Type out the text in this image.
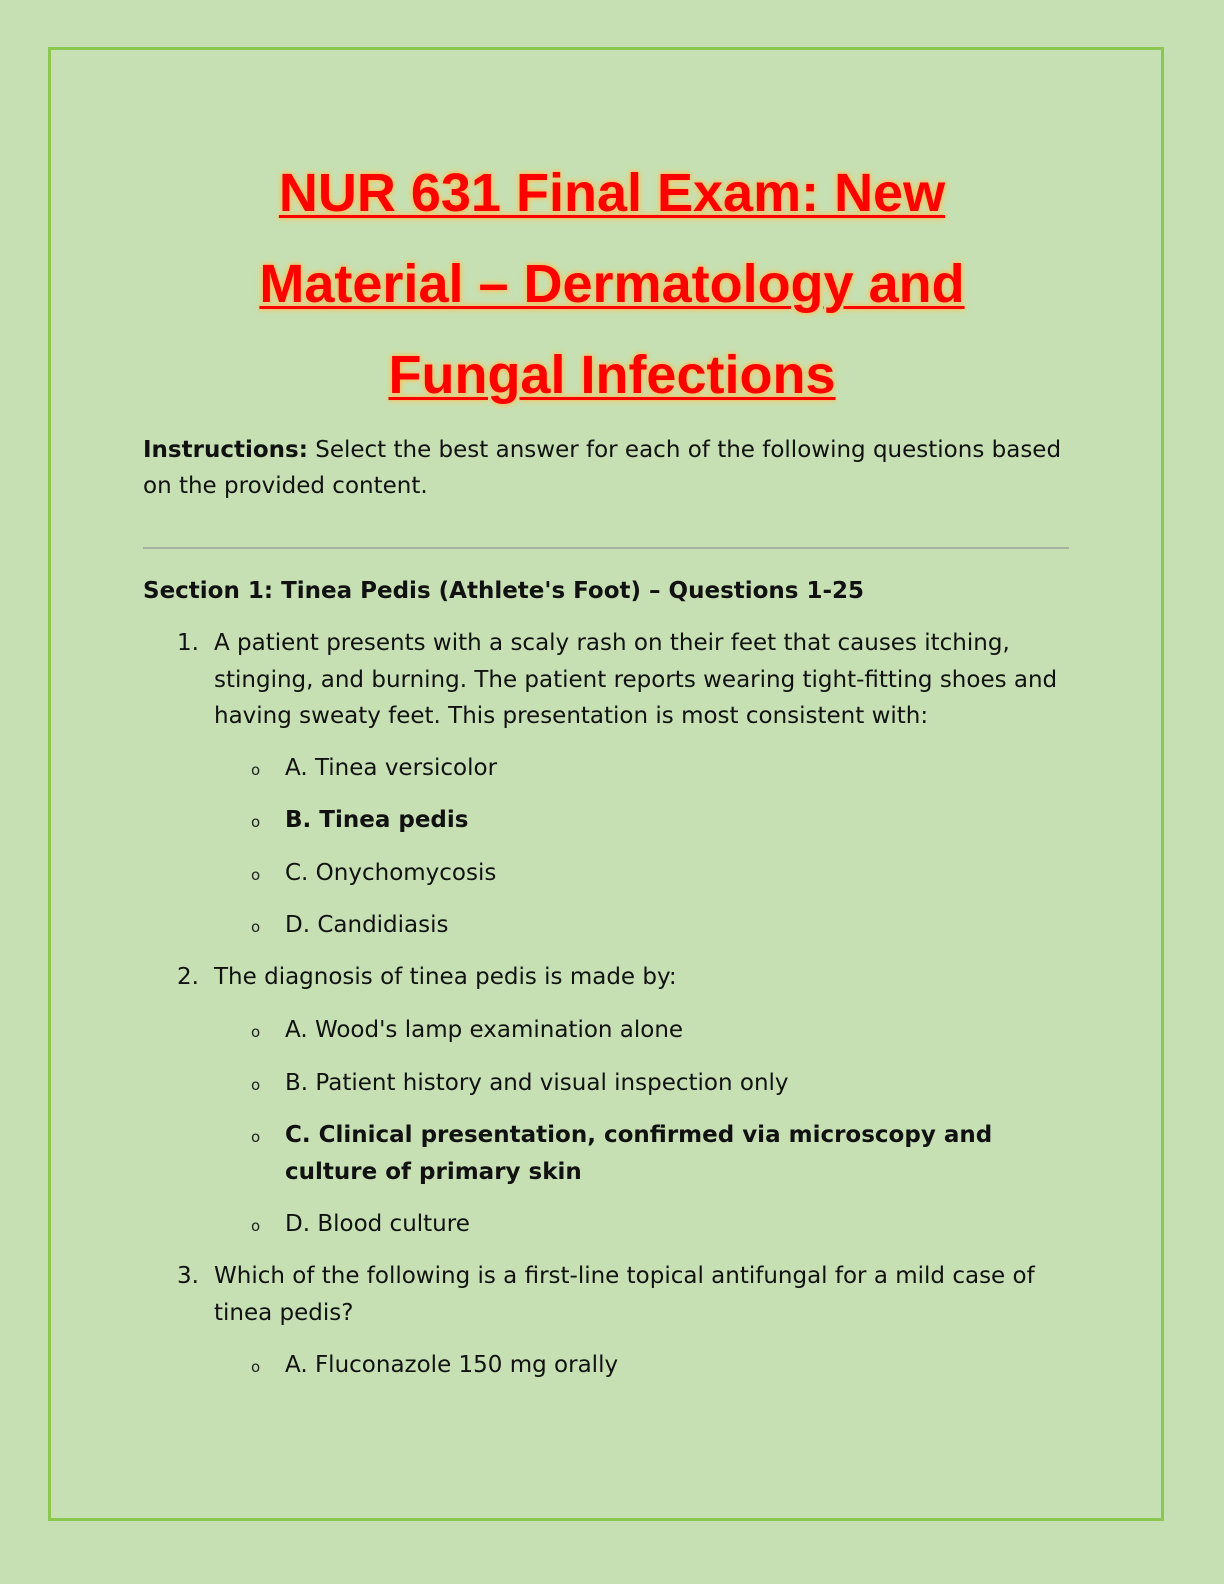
NUR 631 Final Exam: New
Material – Dermatology and
Fungal Infections
Instructions: Select the best answer for each of the following questions based on the provided content.
Section 1: Tinea Pedis (Athlete's Foot) – Questions 1-25
1. A patient presents with a scaly rash on their feet that causes itching, stinging, and burning. The patient reports wearing tight-fitting shoes and having sweaty feet. This presentation is most consistent with:
o A. Tinea versicolor
o B. Tinea pedis
o C. Onychomycosis
o D. Candidiasis
2. The diagnosis of tinea pedis is made by:
o A. Wood's lamp examination alone
o B. Patient history and visual inspection only
o C. Clinical presentation, confirmed via microscopy and culture of primary skin
o D. Blood culture
3. Which of the following is a first-line topical antifungal for a mild case of tinea pedis?
o A. Fluconazole 150 mg orally
